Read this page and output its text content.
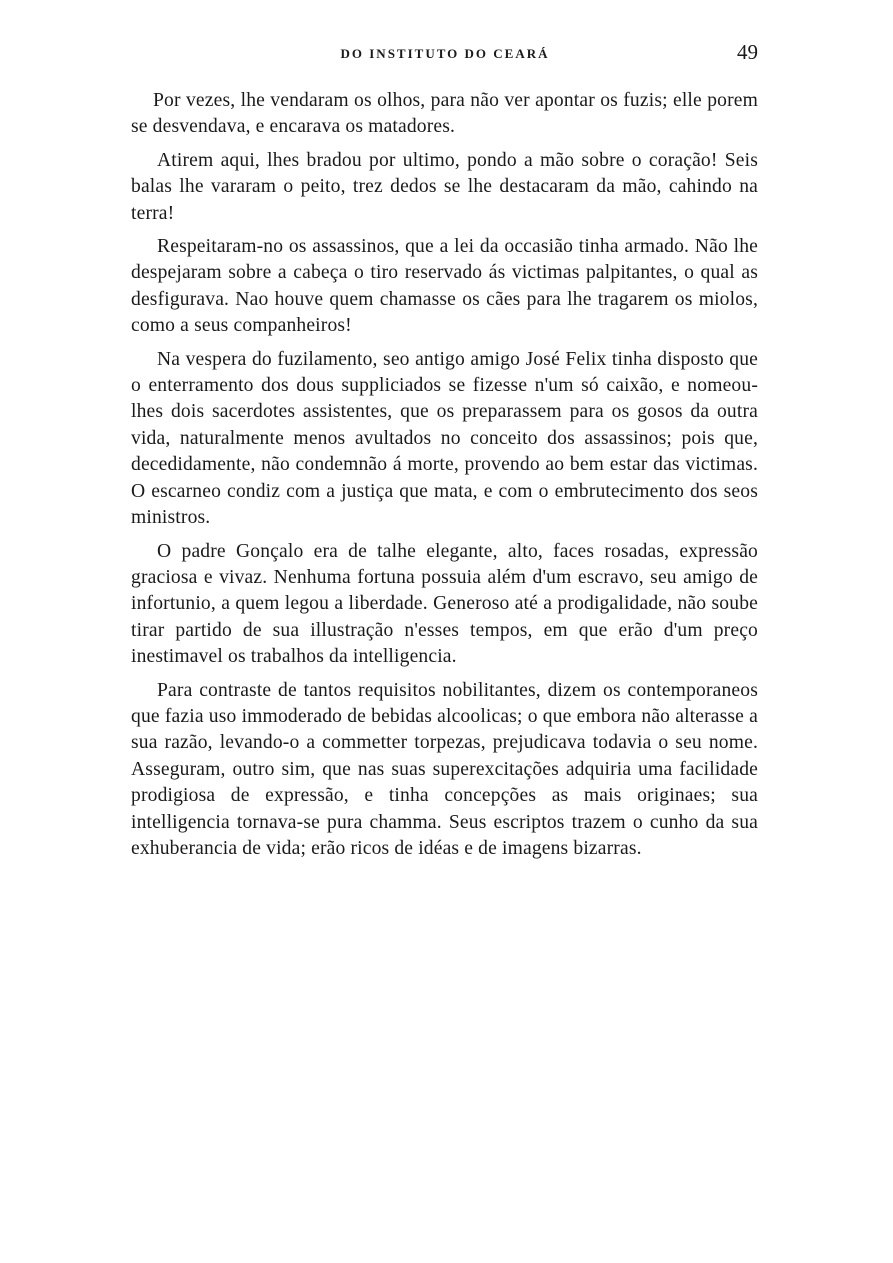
DO INSTITUTO DO CEARÁ	49

Por vezes, lhe vendaram os olhos, para não ver apontar os fuzis; elle porem se desvendava, e encarava os matadores.

Atirem aqui, lhes bradou por ultimo, pondo a mão sobre o coração! Seis balas lhe vararam o peito, trez dedos se lhe destacaram da mão, cahindo na terra!

Respeitaram-no os assassinos, que a lei da occasião tinha armado. Não lhe despejaram sobre a cabeça o tiro reservado ás victimas palpitantes, o qual as desfigurava. Nao houve quem chamasse os cães para lhe tragarem os miolos, como a seus companheiros!

Na vespera do fuzilamento, seo antigo amigo José Felix tinha disposto que o enterramento dos dous suppliciados se fizesse n'um só caixão, e nomeou-lhes dois sacerdotes assistentes, que os preparassem para os gosos da outra vida, naturalmente menos avultados no conceito dos assassinos; pois que, decedidamente, não condemnão á morte, provendo ao bem estar das victimas. O escarneo condiz com a justiça que mata, e com o embrutecimento dos seos ministros.

O padre Gonçalo era de talhe elegante, alto, faces rosadas, expressão graciosa e vivaz. Nenhuma fortuna possuia além d'um escravo, seu amigo de infortunio, a quem legou a liberdade. Generoso até a prodigalidade, não soube tirar partido de sua illustração n'esses tempos, em que erão d'um preço inestimavel os trabalhos da intelligencia.

Para contraste de tantos requisitos nobilitantes, dizem os contemporaneos que fazia uso immoderado de bebidas alcoolicas; o que embora não alterasse a sua razão, levando-o a commetter torpezas, prejudicava todavia o seu nome. Asseguram, outro sim, que nas suas superexcitações adquiria uma facilidade prodigiosa de expressão, e tinha concepções as mais originaes; sua intelligencia tornava-se pura chamma. Seus escriptos trazem o cunho da sua exhuberancia de vida; erão ricos de idéas e de imagens bizarras.
